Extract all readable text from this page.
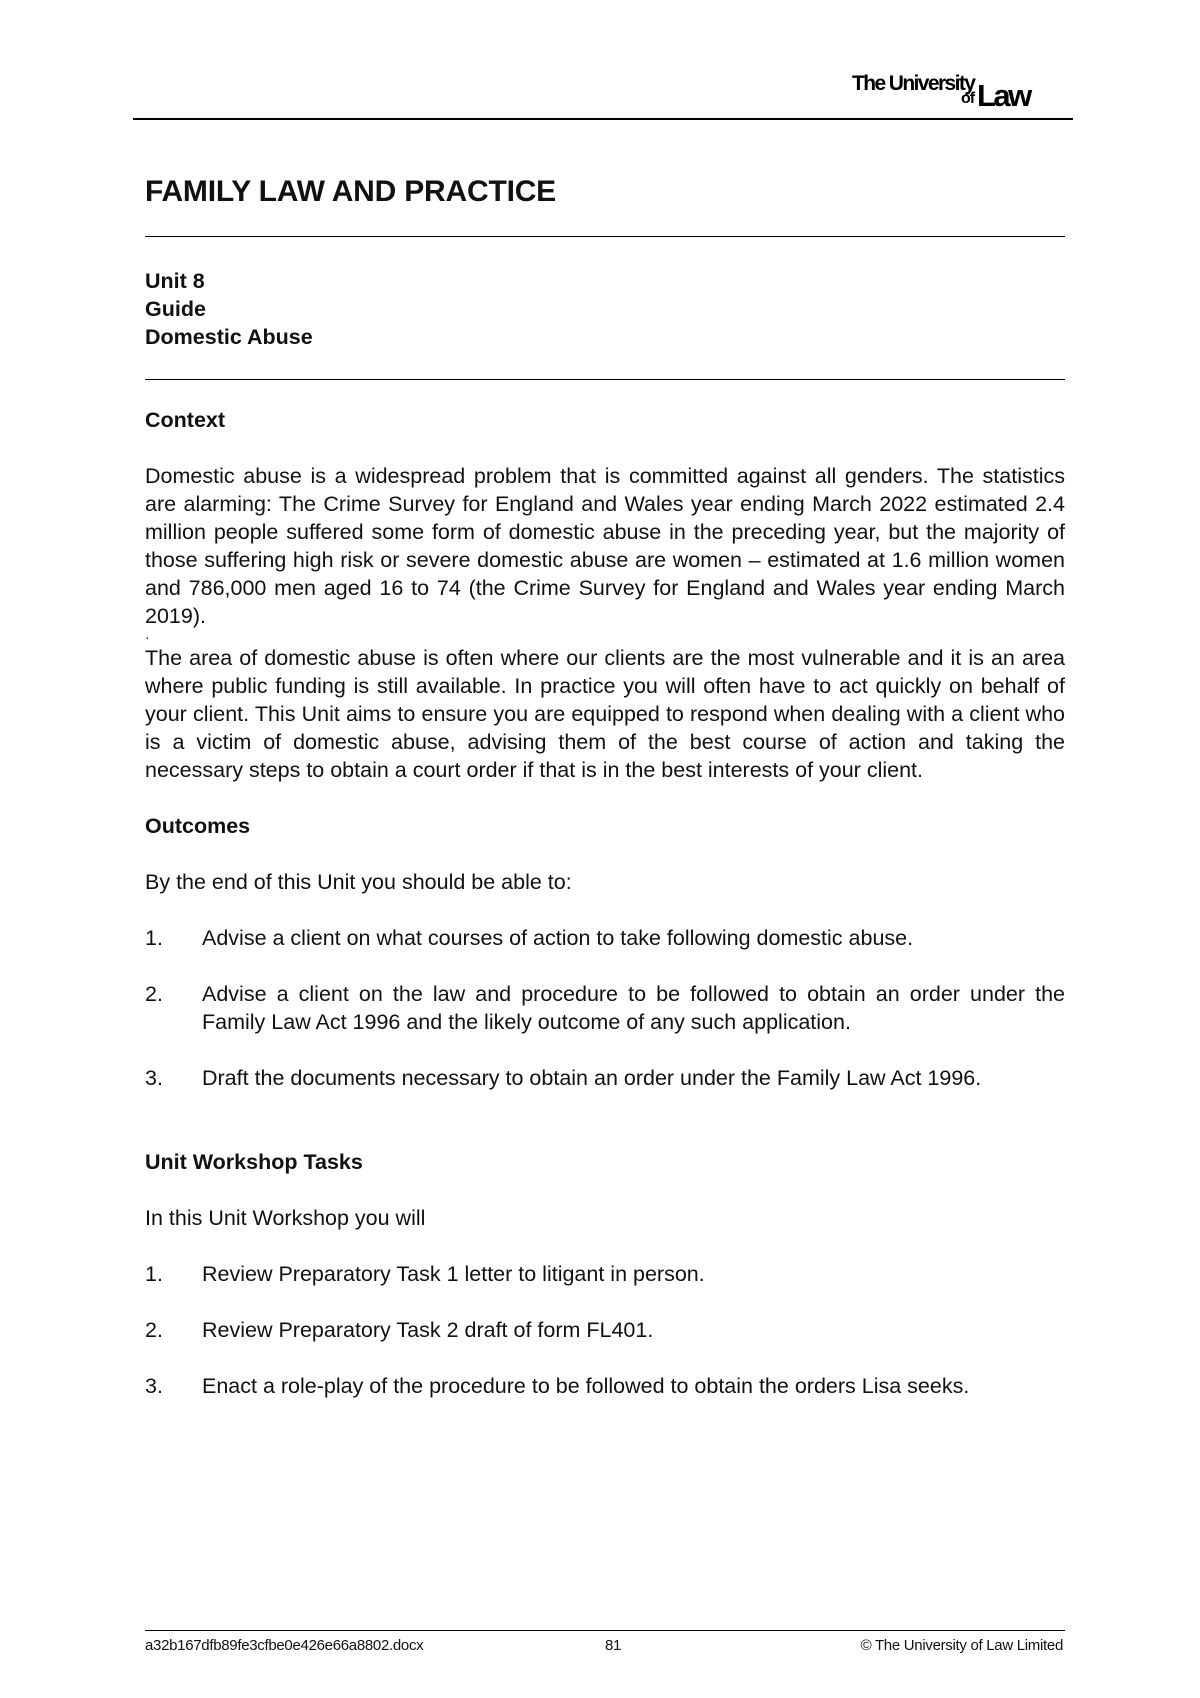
The University
of Law
FAMILY LAW AND PRACTICE
Unit 8
Guide
Domestic Abuse
Context

Domestic abuse is a widespread problem that is committed against all genders. The statistics are alarming: The Crime Survey for England and Wales year ending March 2022 estimated 2.4 million people suffered some form of domestic abuse in the preceding year, but the majority of those suffering high risk or severe domestic abuse are women – estimated at 1.6 million women and 786,000 men aged 16 to 74 (the Crime Survey for England and Wales year ending March 2019).

·

The area of domestic abuse is often where our clients are the most vulnerable and it is an area where public funding is still available. In practice you will often have to act quickly on behalf of your client. This Unit aims to ensure you are equipped to respond when dealing with a client who is a victim of domestic abuse, advising them of the best course of action and taking the necessary steps to obtain a court order if that is in the best interests of your client.

Outcomes

By the end of this Unit you should be able to:

1. Advise a client on what courses of action to take following domestic abuse.
2. Advise a client on the law and procedure to be followed to obtain an order under the Family Law Act 1996 and the likely outcome of any such application.
3. Draft the documents necessary to obtain an order under the Family Law Act 1996.
Unit Workshop Tasks

In this Unit Workshop you will

1. Review Preparatory Task 1 letter to litigant in person.
2. Review Preparatory Task 2 draft of form FL401.
3. Enact a role-play of the procedure to be followed to obtain the orders Lisa seeks.
a32b167dfb89fe3cfbe0e426e66a8802.docx	81	© The University of Law Limited
